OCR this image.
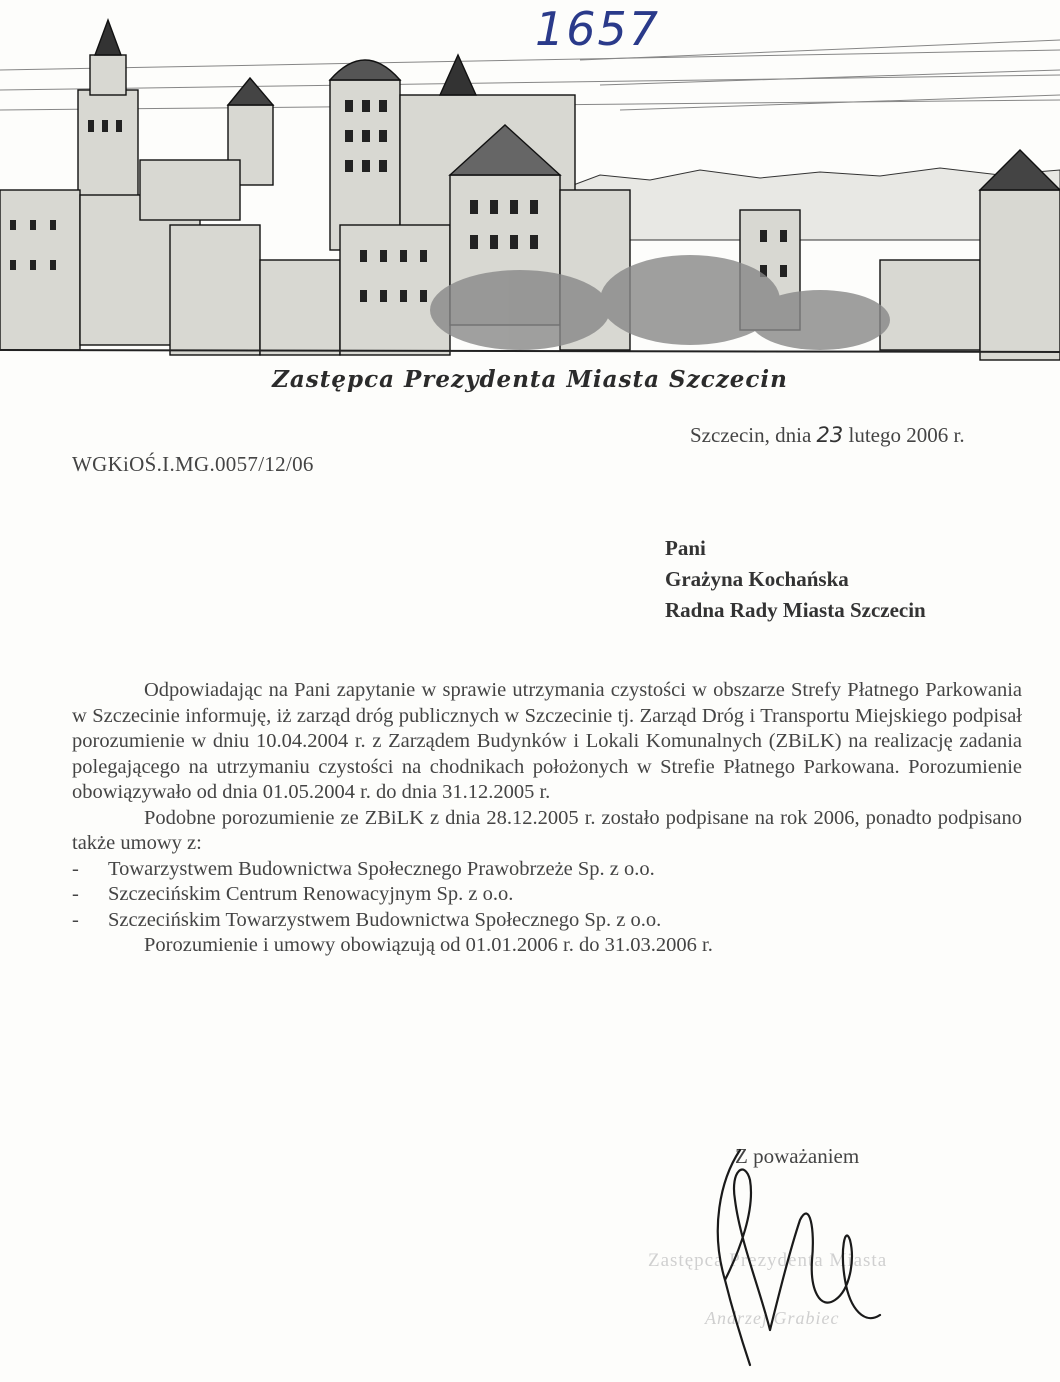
1657
Zastępca Prezydenta Miasta Szczecin
Szczecin, dnia 23 lutego 2006 r.
WGKiOŚ.I.MG.0057/12/06
Pani
Grażyna Kochańska
Radna Rady Miasta Szczecin

Odpowiadając na Pani zapytanie w sprawie utrzymania czystości w obszarze Strefy Płatnego Parkowania w Szczecinie informuję, iż zarząd dróg publicznych w Szczecinie tj. Zarząd Dróg i Transportu Miejskiego podpisał porozumienie w dniu 10.04.2004 r. z Zarządem Budynków i Lokali Komunalnych (ZBiLK) na realizację zadania polegającego na utrzymaniu czystości na chodnikach położonych w Strefie Płatnego Parkowana. Porozumienie obowiązywało od dnia 01.05.2004 r. do dnia 31.12.2005 r.

Podobne porozumienie ze ZBiLK z dnia 28.12.2005 r. zostało podpisane na rok 2006, ponadto podpisano także umowy z:

- Towarzystwem Budownictwa Społecznego Prawobrzeże Sp. z o.o.
- Szczecińskim Centrum Renowacyjnym Sp. z o.o.
- Szczecińskim Towarzystwem Budownictwa Społecznego Sp. z o.o.

Porozumienie i umowy obowiązują od 01.01.2006 r. do 31.03.2006 r.

Z poważaniem
Zastępca Prezydenta Miasta
Andrzej Grabiec
